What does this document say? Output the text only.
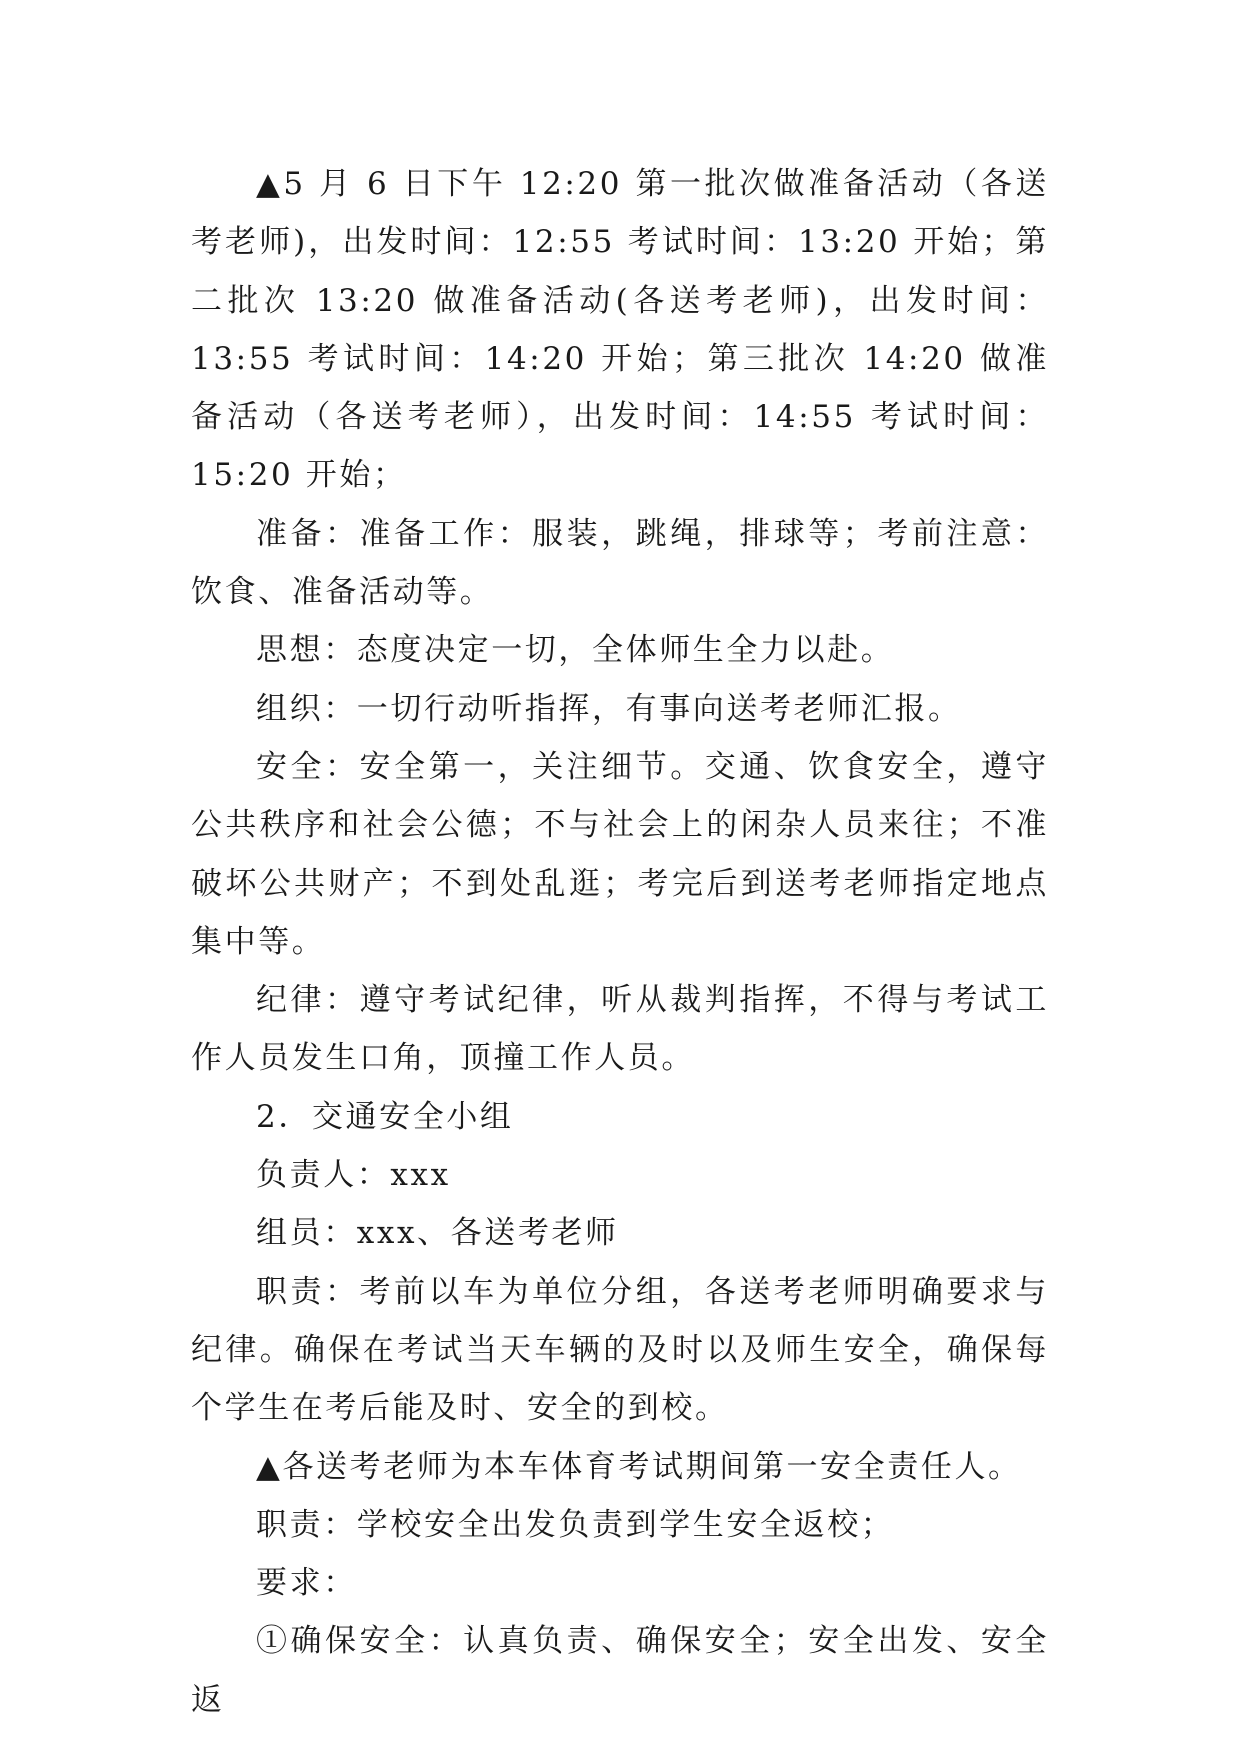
▲5 月 6 日下午 12:20 第一批次做准备活动（各送考老师)，出发时间：12:55 考试时间：13:20 开始；第二批次 13:20 做准备活动(各送考老师)，出发时间：13:55 考试时间：14:20 开始；第三批次 14:20 做准备活动（各送考老师），出发时间：14:55 考试时间：15:20 开始；

准备：准备工作：服装，跳绳，排球等；考前注意：饮食、准备活动等。

思想：态度决定一切，全体师生全力以赴。

组织：一切行动听指挥，有事向送考老师汇报。

安全：安全第一，关注细节。交通、饮食安全，遵守公共秩序和社会公德；不与社会上的闲杂人员来往；不准破坏公共财产；不到处乱逛；考完后到送考老师指定地点集中等。

纪律：遵守考试纪律，听从裁判指挥，不得与考试工作人员发生口角，顶撞工作人员。

2．交通安全小组

负责人：xxx

组员：xxx、各送考老师

职责：考前以车为单位分组，各送考老师明确要求与纪律。确保在考试当天车辆的及时以及师生安全，确保每个学生在考后能及时、安全的到校。

▲各送考老师为本车体育考试期间第一安全责任人。

职责：学校安全出发负责到学生安全返校；

要求：

①确保安全：认真负责、确保安全；安全出发、安全返
